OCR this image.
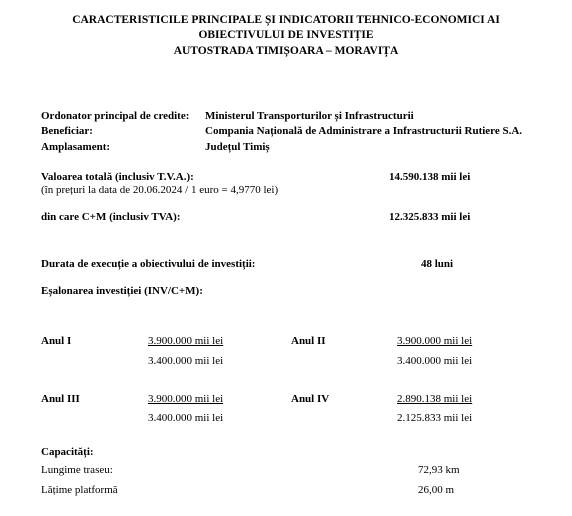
CARACTERISTICILE PRINCIPALE ȘI INDICATORII TEHNICO-ECONOMICI AI
OBIECTIVULUI DE INVESTIȚIE
AUTOSTRADA TIMIȘOARA – MORAVIȚA
Ordonator principal de credite: Ministerul Transporturilor și Infrastructurii
Beneficiar:	Compania Națională de Administrare a Infrastructurii Rutiere S.A.
Amplasament:	Județul Timiș
Valoarea totală (inclusiv T.V.A.):
(în prețuri la data de 20.06.2024 / 1 euro = 4,9770 lei)
14.590.138 mii lei
din care C+M (inclusiv TVA):	12.325.833 mii lei
Durata de execuție a obiectivului de investiții:	48 luni
Eșalonarea investiției (INV/C+M):
Anul I	3.900.000 mii lei
3.400.000 mii lei
Anul II	3.900.000 mii lei
3.400.000 mii lei
Anul III	3.900.000 mii lei
3.400.000 mii lei
Anul IV	2.890.138 mii lei
2.125.833 mii lei
Capacități:
Lungime traseu:	72,93 km
Lățime platformă	26,00 m
